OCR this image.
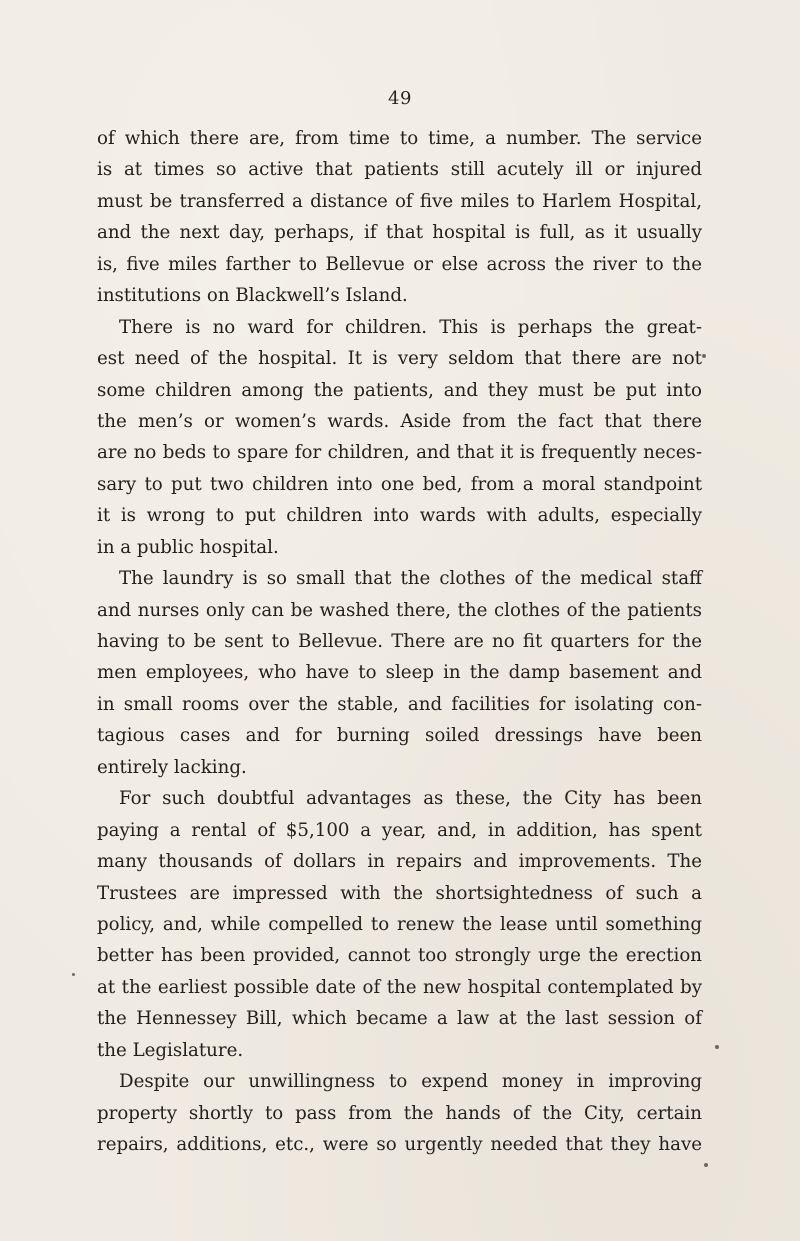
49
of which there are, from time to time, a number. The service
is at times so active that patients still acutely ill or injured
must be transferred a distance of five miles to Harlem Hospital,
and the next day, perhaps, if that hospital is full, as it usually
is, five miles farther to Bellevue or else across the river to the
institutions on Blackwell’s Island.
There is no ward for children. This is perhaps the great-
est need of the hospital. It is very seldom that there are not
some children among the patients, and they must be put into
the men’s or women’s wards. Aside from the fact that there
are no beds to spare for children, and that it is frequently neces-
sary to put two children into one bed, from a moral standpoint
it is wrong to put children into wards with adults, especially
in a public hospital.
The laundry is so small that the clothes of the medical staff
and nurses only can be washed there, the clothes of the patients
having to be sent to Bellevue. There are no fit quarters for the
men employees, who have to sleep in the damp basement and
in small rooms over the stable, and facilities for isolating con-
tagious cases and for burning soiled dressings have been
entirely lacking.
For such doubtful advantages as these, the City has been
paying a rental of $5,100 a year, and, in addition, has spent
many thousands of dollars in repairs and improvements. The
Trustees are impressed with the shortsightedness of such a
policy, and, while compelled to renew the lease until something
better has been provided, cannot too strongly urge the erection
at the earliest possible date of the new hospital contemplated by
the Hennessey Bill, which became a law at the last session of
the Legislature.
Despite our unwillingness to expend money in improving
property shortly to pass from the hands of the City, certain
repairs, additions, etc., were so urgently needed that they have
